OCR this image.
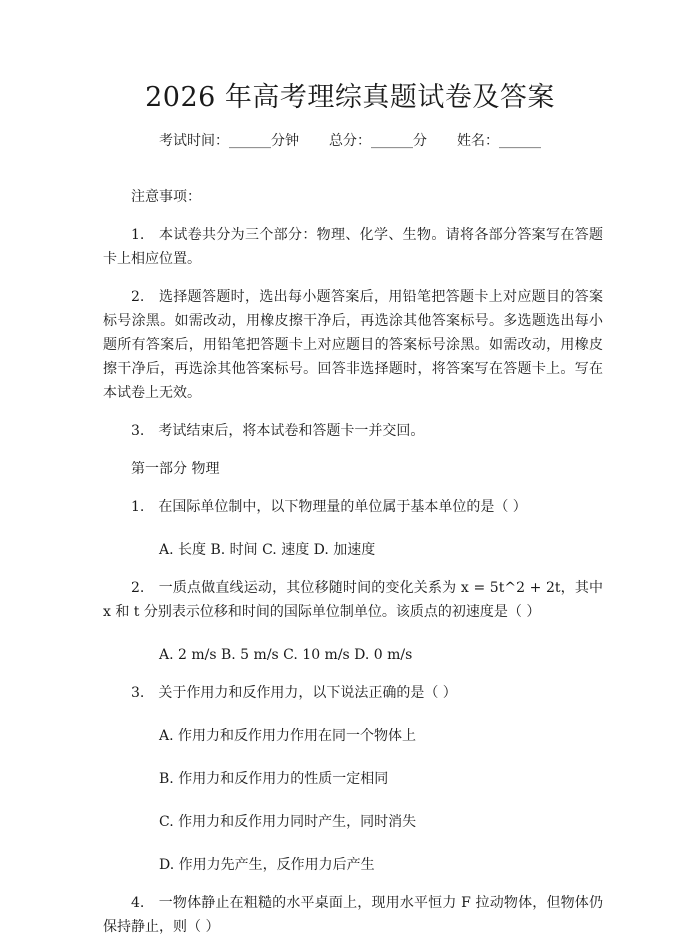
2026 年高考理综真题试卷及答案
考试时间：______分钟 总分：______分 姓名：______

注意事项：

1.　本试卷共分为三个部分：物理、化学、生物。请将各部分答案写在答题卡上相应位置。

2.　选择题答题时，选出每小题答案后，用铅笔把答题卡上对应题目的答案标号涂黑。如需改动，用橡皮擦干净后，再选涂其他答案标号。多选题选出每小题所有答案后，用铅笔把答题卡上对应题目的答案标号涂黑。如需改动，用橡皮擦干净后，再选涂其他答案标号。回答非选择题时，将答案写在答题卡上。写在本试卷上无效。

3.　考试结束后，将本试卷和答题卡一并交回。

第一部分 物理

1.　在国际单位制中，以下物理量的单位属于基本单位的是（ ）

A. 长度 B. 时间 C. 速度 D. 加速度

2.　一质点做直线运动，其位移随时间的变化关系为 x = 5t^2 + 2t，其中 x 和 t 分别表示位移和时间的国际单位制单位。该质点的初速度是（ ）

A. 2 m/s B. 5 m/s C. 10 m/s D. 0 m/s

3.　关于作用力和反作用力，以下说法正确的是（ ）

A. 作用力和反作用力作用在同一个物体上

B. 作用力和反作用力的性质一定相同

C. 作用力和反作用力同时产生，同时消失

D. 作用力先产生，反作用力后产生

4.　一物体静止在粗糙的水平桌面上，现用水平恒力 F 拉动物体，但物体仍保持静止，则（ ）
